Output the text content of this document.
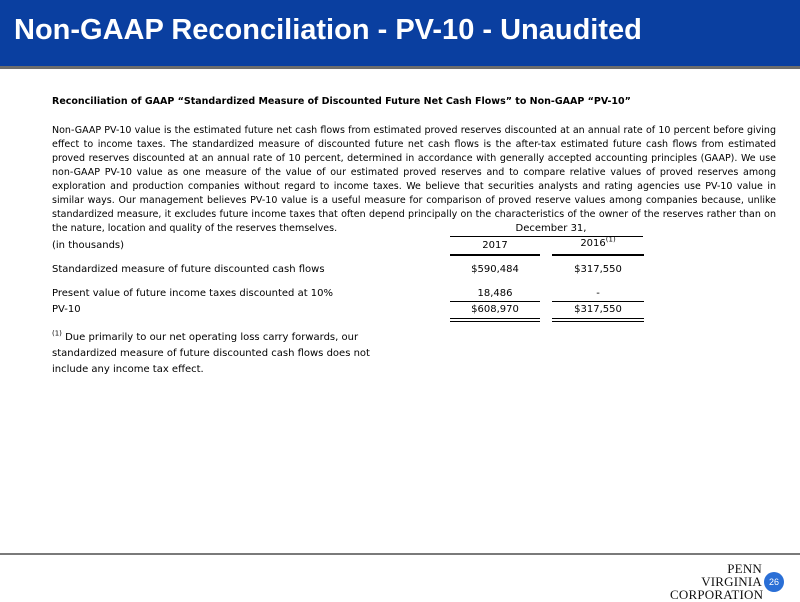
Non-GAAP Reconciliation - PV-10 - Unaudited
Reconciliation of GAAP “Standardized Measure of Discounted Future Net Cash Flows” to Non-GAAP “PV-10”
Non-GAAP PV-10 value is the estimated future net cash flows from estimated proved reserves discounted at an annual rate of 10 percent before giving effect to income taxes. The standardized measure of discounted future net cash flows is the after-tax estimated future cash flows from estimated proved reserves discounted at an annual rate of 10 percent, determined in accordance with generally accepted accounting principles (GAAP). We use non-GAAP PV-10 value as one measure of the value of our estimated proved reserves and to compare relative values of proved reserves among exploration and production companies without regard to income taxes. We believe that securities analysts and rating agencies use PV-10 value in similar ways. Our management believes PV-10 value is a useful measure for comparison of proved reserve values among companies because, unlike standardized measure, it excludes future income taxes that often depend principally on the characteristics of the owner of the reserves rather than on the nature, location and quality of the reserves themselves.	December 31,
(in thousands)	2017	2016$^{(1)}$
Standardized measure of future discounted cash flows	$590,484	$317,550
Present value of future income taxes discounted at 10%	18,486	-
PV-10	$608,970	$317,550
$^{(1)}$ Due primarily to our net operating loss carry forwards, our standardized measure of future discounted cash flows does not include any income tax effect.
PENN VIRGINIA
CORPORATION
26
